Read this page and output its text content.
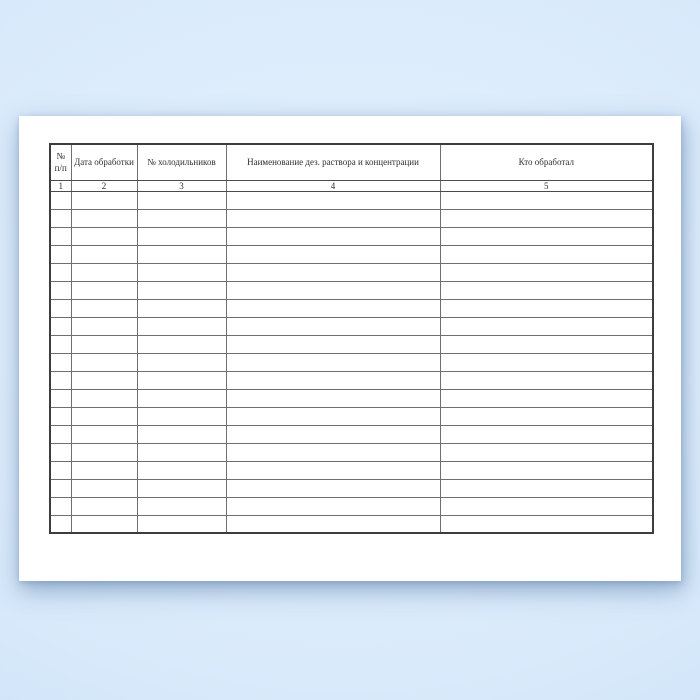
№ п/п	Дата обработки	№ холодильников	Наименование дез. раствора и концентрации	Кто обработал
1	2	3	4	5
